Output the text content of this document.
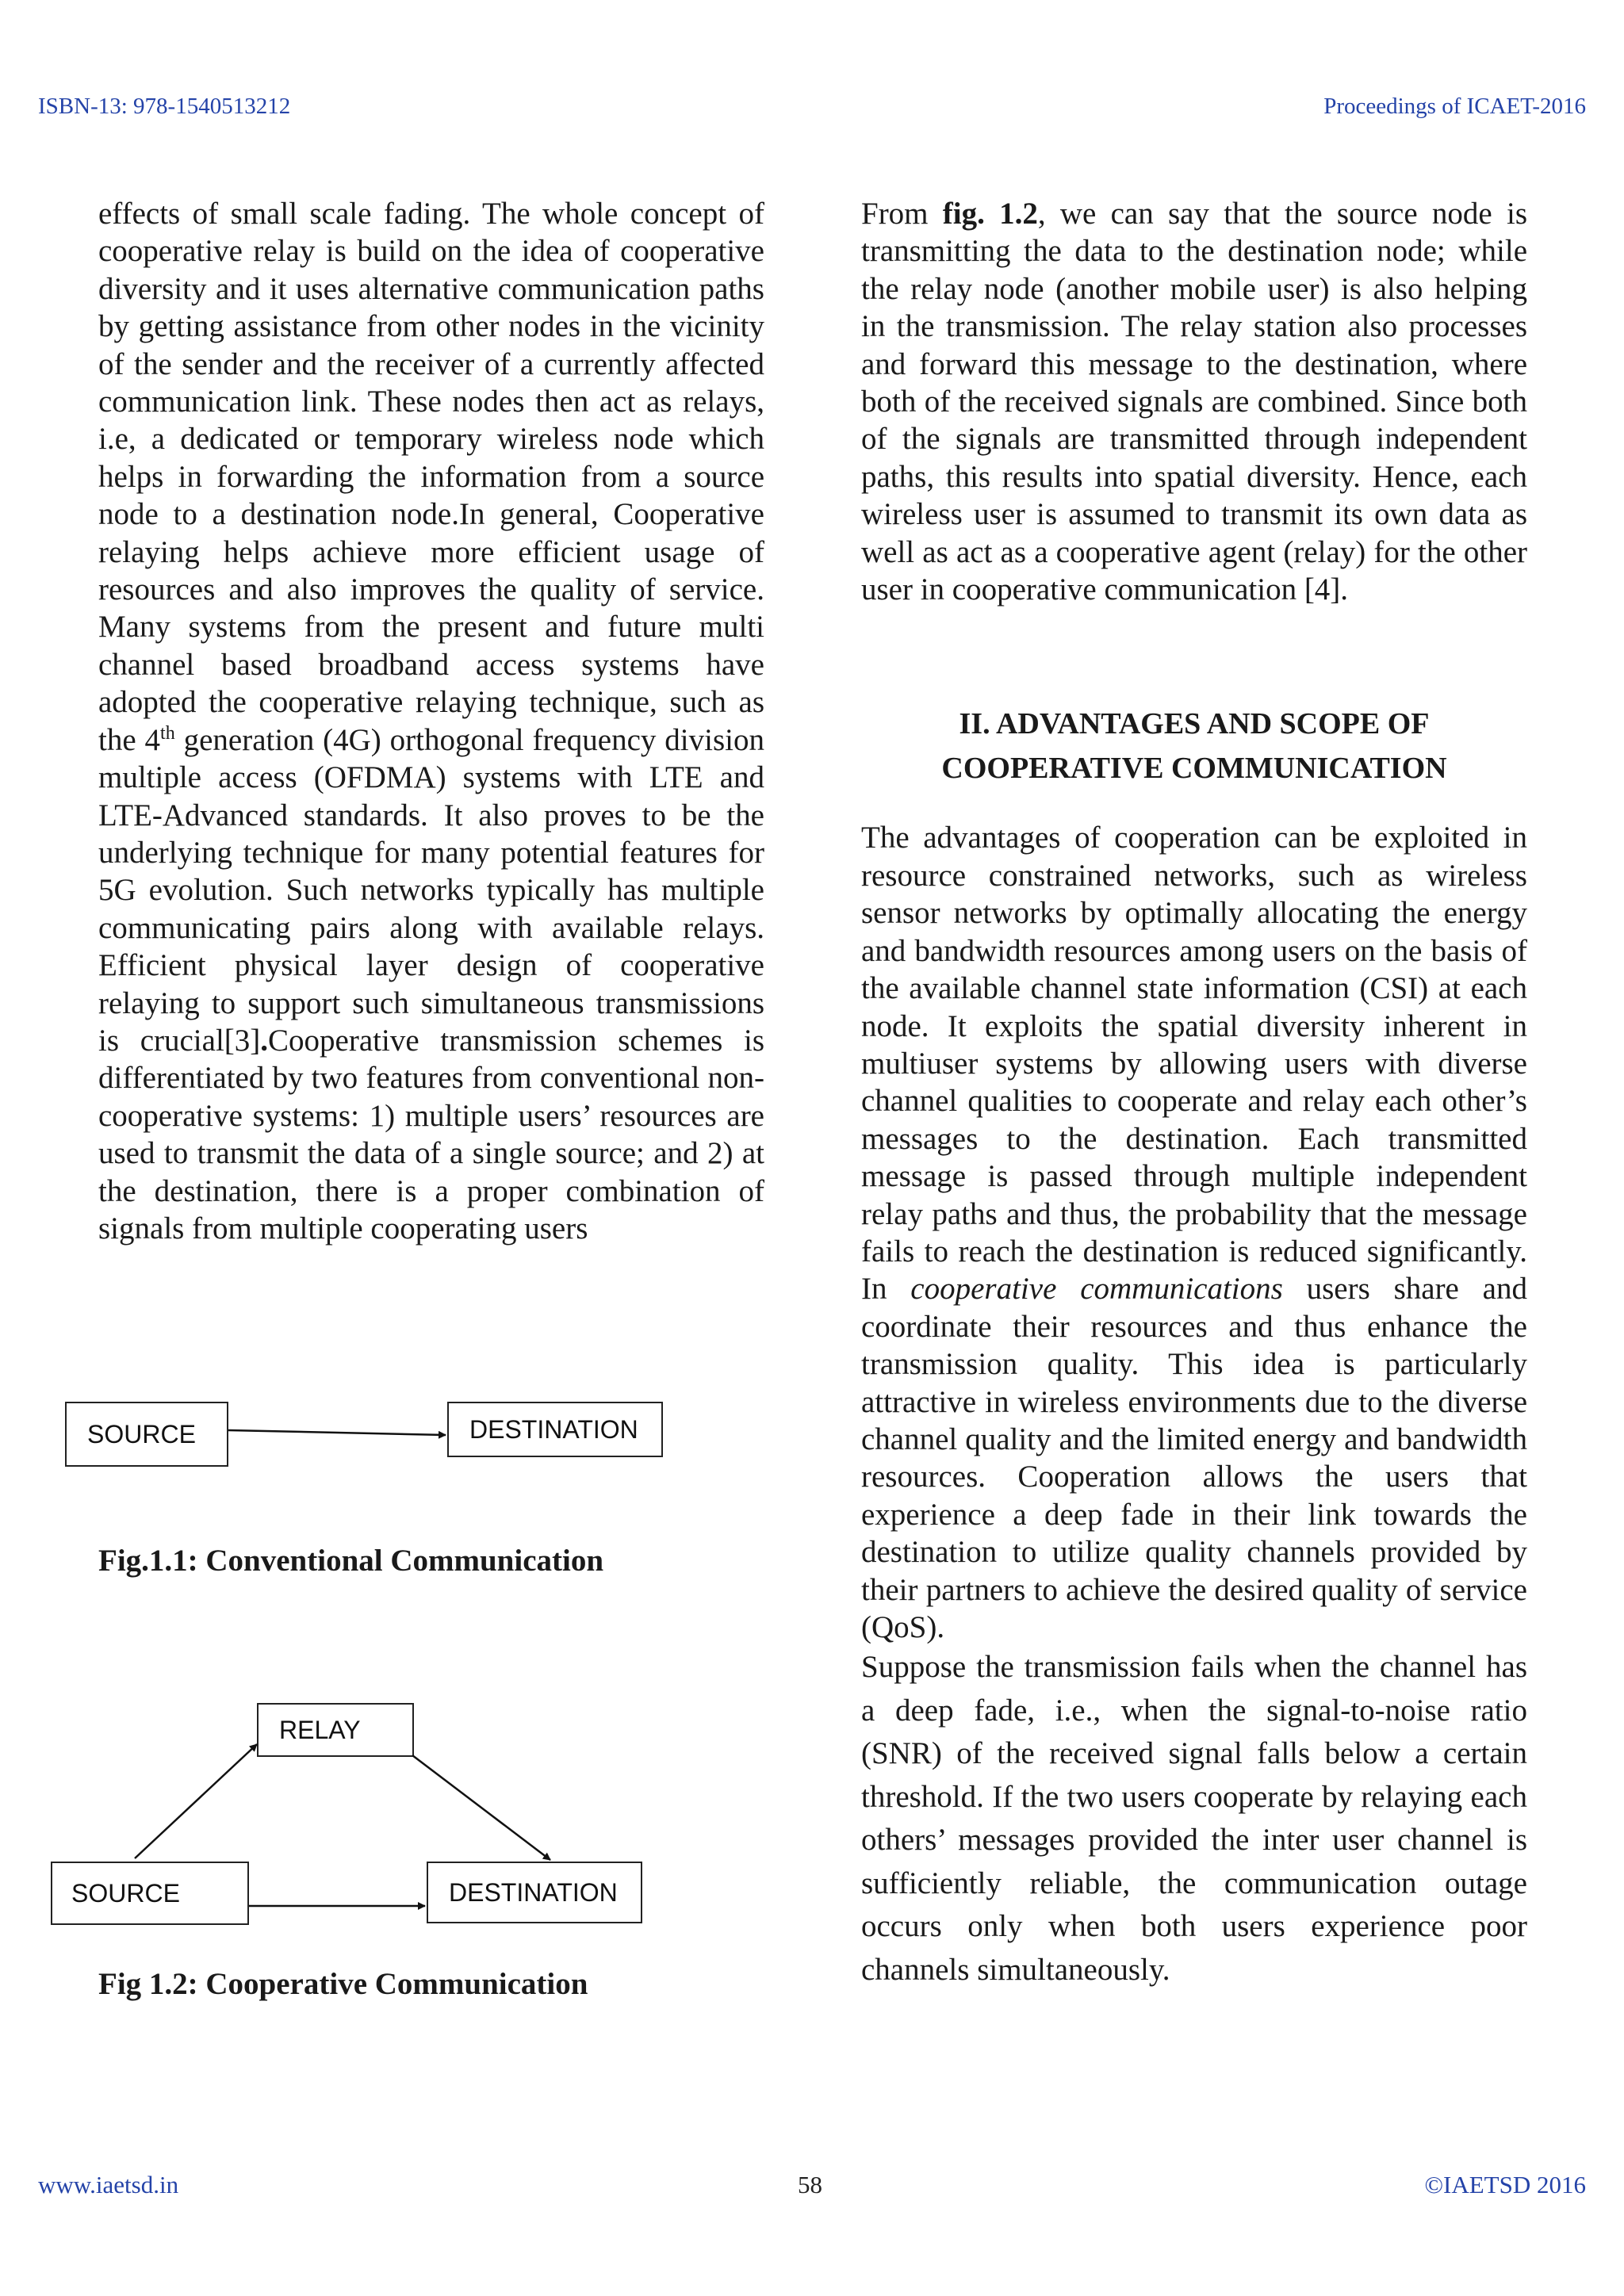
ISBN-13: 978-1540513212	Proceedings of ICAET-2016

effects of small scale fading. The whole concept of cooperative relay is build on the idea of cooperative diversity and it uses alternative communication paths by getting assistance from other nodes in the vicinity of the sender and the receiver of a currently affected communication link. These nodes then act as relays, i.e, a dedicated or temporary wireless node which helps in forwarding the information from a source node to a destination node.In general, Cooperative relaying helps achieve more efficient usage of resources and also improves the quality of service. Many systems from the present and future multi channel based broadband access systems have adopted the cooperative relaying technique, such as the 4th generation (4G) orthogonal frequency division multiple access (OFDMA) systems with LTE and LTE-Advanced standards. It also proves to be the underlying technique for many potential features for 5G evolution. Such networks typically has multiple communicating pairs along with available relays. Efficient physical layer design of cooperative relaying to support such simultaneous transmissions is crucial[3].Cooperative transmission schemes is differentiated by two features from conventional non-cooperative systems: 1) multiple users’ resources are used to transmit the data of a single source; and 2) at the destination, there is a proper combination of signals from multiple cooperating users

SOURCE	DESTINATION
Fig.1.1: Conventional Communication
RELAY
SOURCE	DESTINATION
Fig 1.2: Cooperative Communication

From fig. 1.2, we can say that the source node is transmitting the data to the destination node; while the relay node (another mobile user) is also helping in the transmission. The relay station also processes and forward this message to the destination, where both of the received signals are combined. Since both of the signals are transmitted through independent paths, this results into spatial diversity. Hence, each wireless user is assumed to transmit its own data as well as act as a cooperative agent (relay) for the other user in cooperative communication [4].

II. ADVANTAGES AND SCOPE OF
COOPERATIVE COMMUNICATION

The advantages of cooperation can be exploited in resource constrained networks, such as wireless sensor networks by optimally allocating the energy and bandwidth resources among users on the basis of the available channel state information (CSI) at each node. It exploits the spatial diversity inherent in multiuser systems by allowing users with diverse channel qualities to cooperate and relay each other’s messages to the destination. Each transmitted message is passed through multiple independent relay paths and thus, the probability that the message fails to reach the destination is reduced significantly. In cooperative communications users share and coordinate their resources and thus enhance the transmission quality. This idea is particularly attractive in wireless environments due to the diverse channel quality and the limited energy and bandwidth resources. Cooperation allows the users that experience a deep fade in their link towards the destination to utilize quality channels provided by their partners to achieve the desired quality of service (QoS).

Suppose the transmission fails when the channel has a deep fade, i.e., when the signal-to-noise ratio (SNR) of the received signal falls below a certain threshold. If the two users cooperate by relaying each others’ messages provided the inter user channel is sufficiently reliable, the communication outage occurs only when both users experience poor channels simultaneously.

www.iaetsd.in	58	©IAETSD 2016
